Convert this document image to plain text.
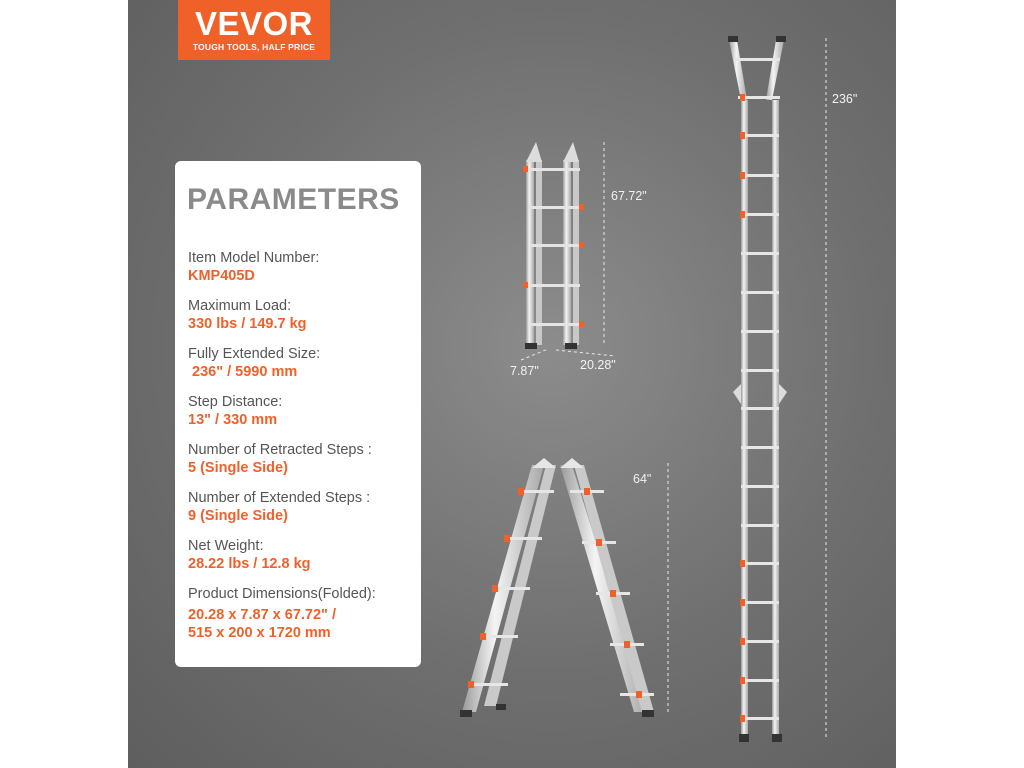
VEVOR
TOUGH TOOLS, HALF PRICE
PARAMETERS
Item Model Number:
KMP405D
Maximum Load:
330 lbs / 149.7 kg
Fully Extended Size:
236" / 5990 mm
Step Distance:
13" / 330 mm
Number of Retracted Steps :
5 (Single Side)
Number of Extended Steps :
9 (Single Side)
Net Weight:
28.22 lbs / 12.8 kg
Product Dimensions(Folded):
20.28 x 7.87 x 67.72" /
515 x 200 x 1720 mm
67.72"
7.87"	20.28"
64"
236"
